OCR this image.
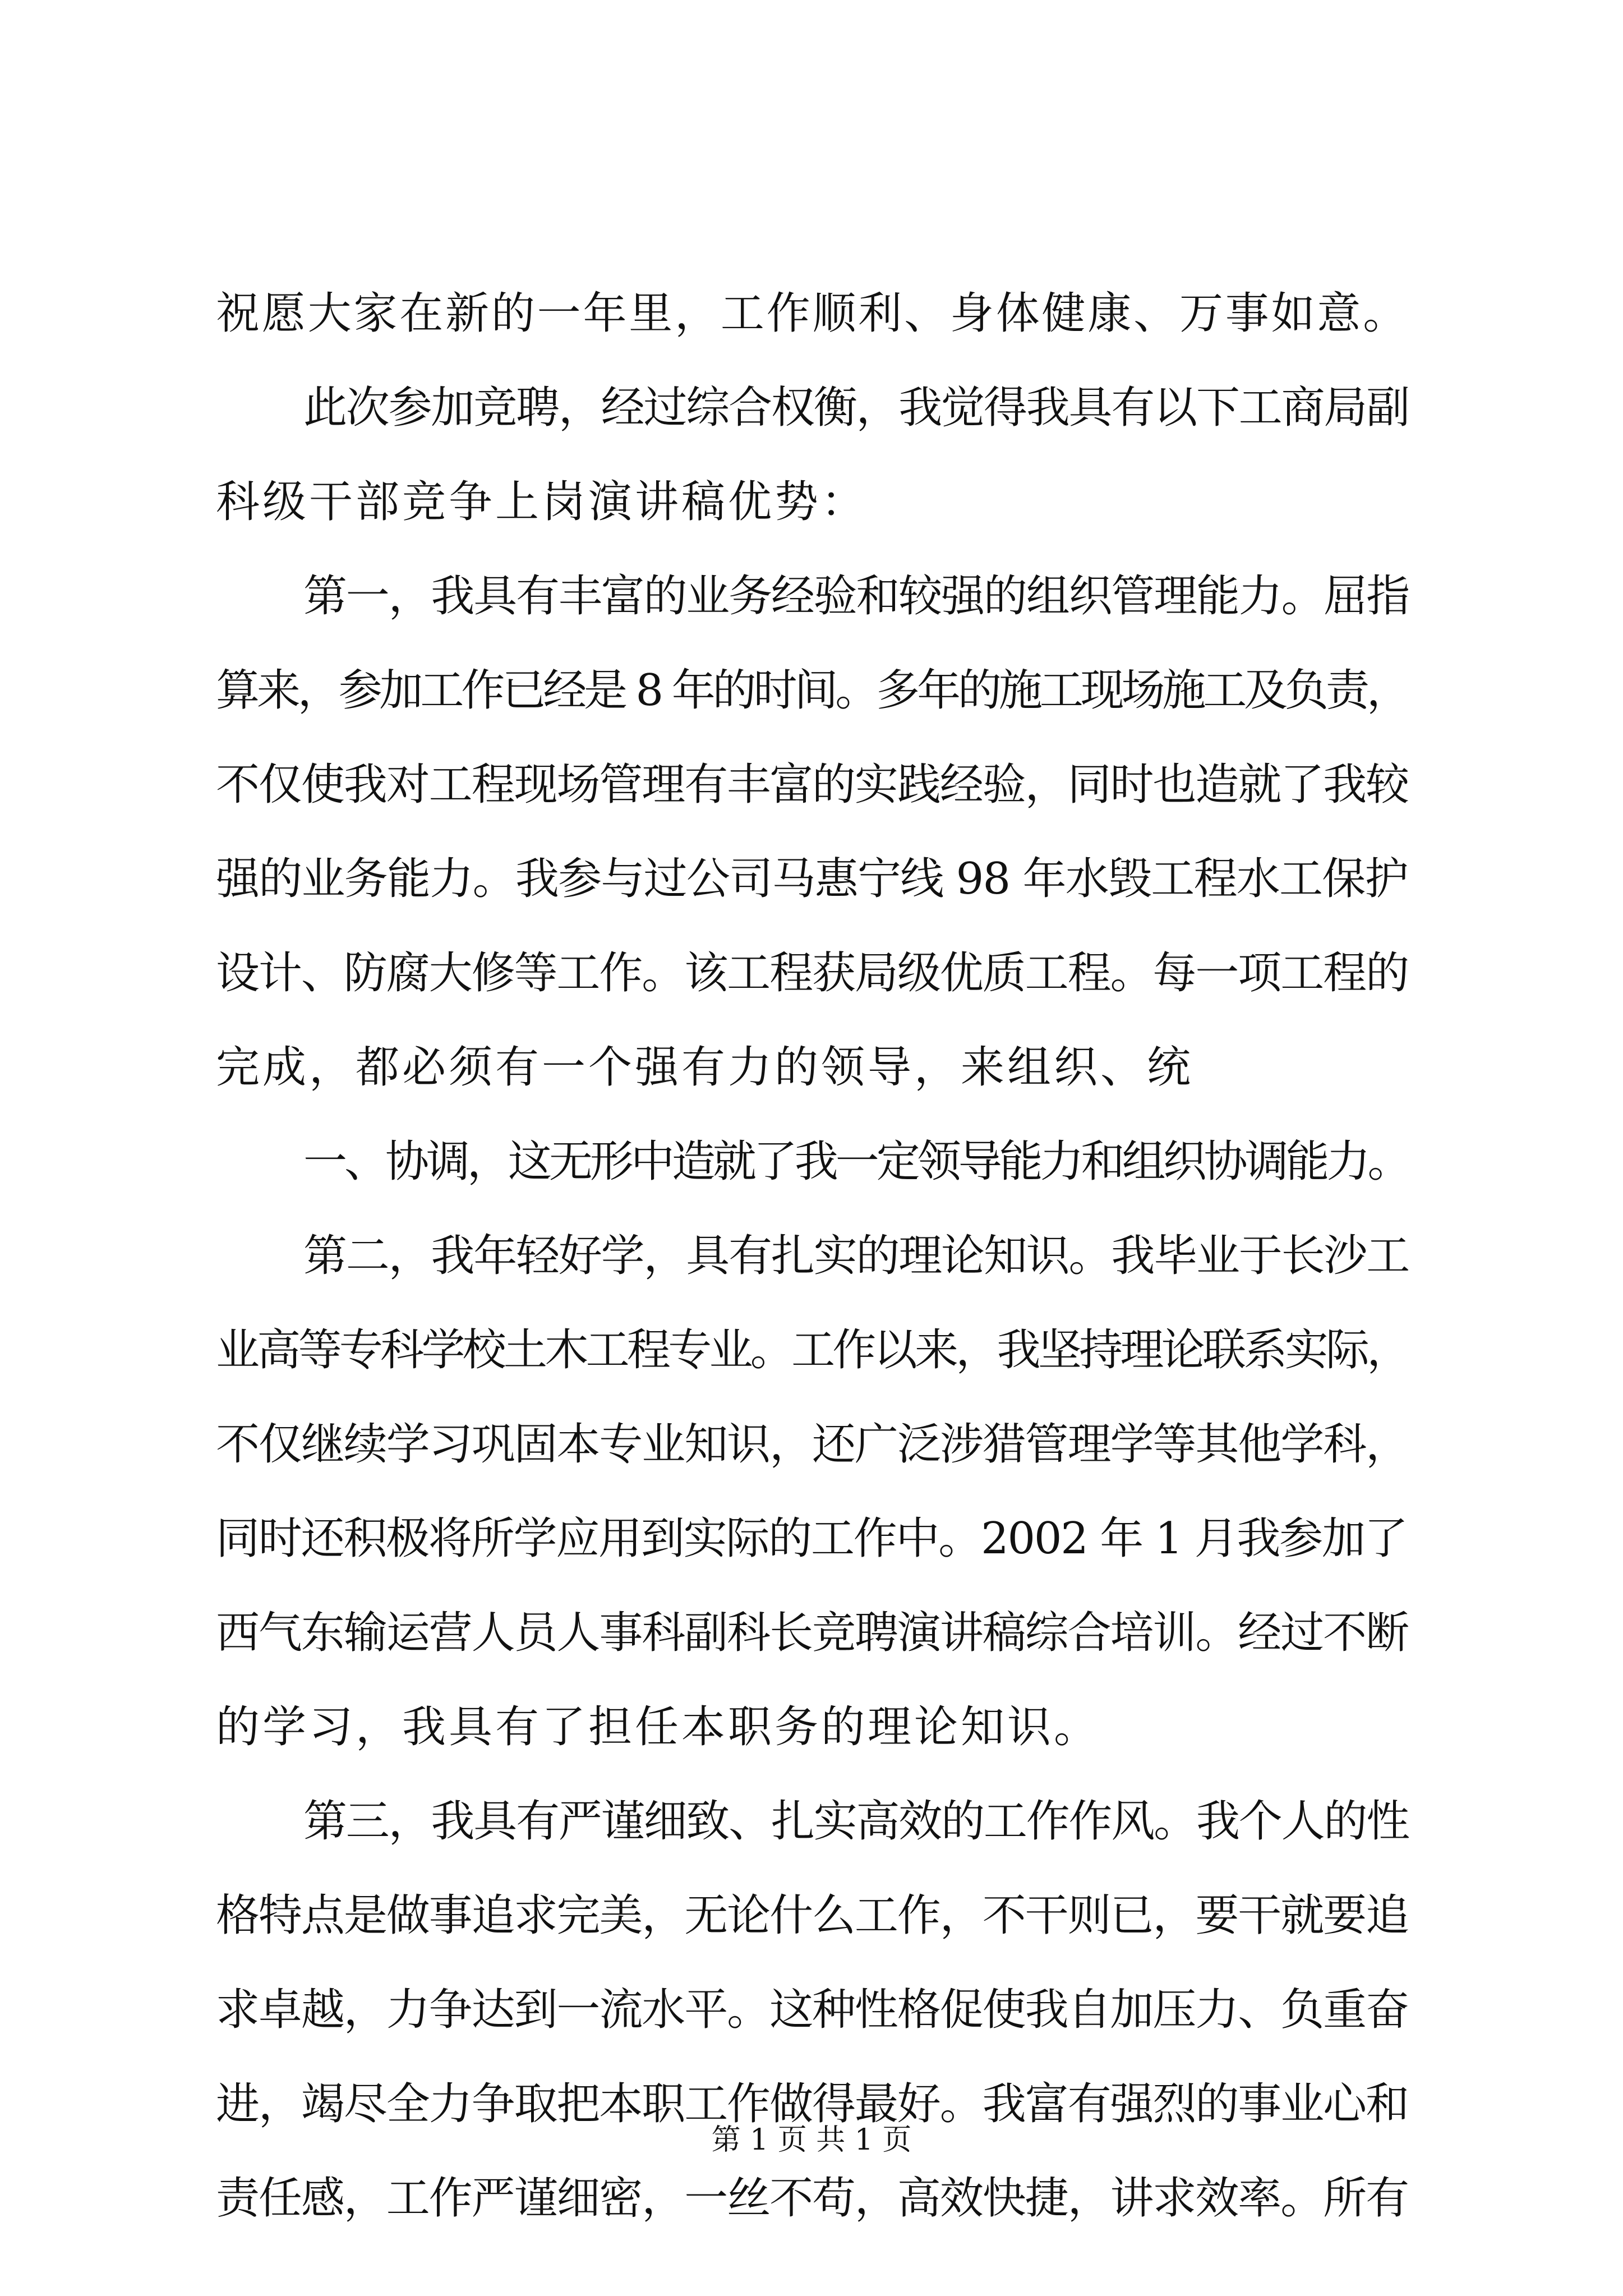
祝愿大家在新的一年里，工作顺利、身体健康、万事如意。
此次参加竞聘，经过综合权衡，我觉得我具有以下工商局副
科级干部竞争上岗演讲稿优势：
第一，我具有丰富的业务经验和较强的组织管理能力。屈指
算来，参加工作已经是 8 年的时间。多年的施工现场施工及负责，
不仅使我对工程现场管理有丰富的实践经验，同时也造就了我较
强的业务能力。我参与过公司马惠宁线 98 年水毁工程水工保护
设计、防腐大修等工作。该工程获局级优质工程。每一项工程的
完成，都必须有一个强有力的领导，来组织、统
一、协调，这无形中造就了我一定领导能力和组织协调能力。
第二，我年轻好学，具有扎实的理论知识。我毕业于长沙工
业高等专科学校土木工程专业。工作以来，我坚持理论联系实际，
不仅继续学习巩固本专业知识，还广泛涉猎管理学等其他学科，
同时还积极将所学应用到实际的工作中。2002 年 1 月我参加了
西气东输运营人员人事科副科长竞聘演讲稿综合培训。经过不断
的学习，我具有了担任本职务的理论知识。
第三，我具有严谨细致、扎实高效的工作作风。我个人的性
格特点是做事追求完美，无论什么工作，不干则已，要干就要追
求卓越，力争达到一流水平。这种性格促使我自加压力、负重奋
进，竭尽全力争取把本职工作做得最好。我富有强烈的事业心和
责任感，工作严谨细密，一丝不苟，高效快捷，讲求效率。所有
第 1 页 共 1 页
